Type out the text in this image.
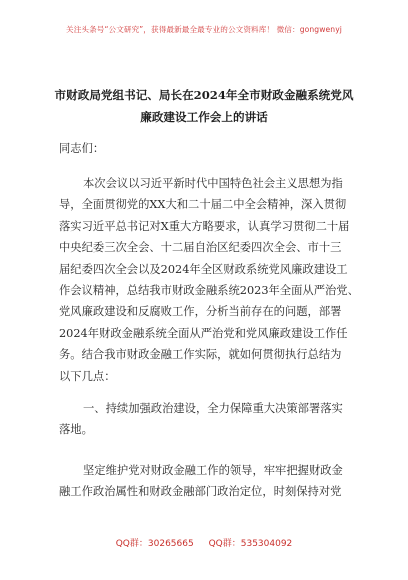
关注头条号“公文研究”，获得最新最全最专业的公文资料库！ 微信：gongwenyj
市财政局党组书记、局长在2024年全市财政金融系统党风
廉政建设工作会上的讲话
同志们：
本次会议以习近平新时代中国特色社会主义思想为指
导，全面贯彻党的XX大和二十届二中全会精神，深入贯彻
落实习近平总书记对X重大方略要求，认真学习贯彻二十届
中央纪委三次全会、十二届自治区纪委四次全会、市十三
届纪委四次全会以及2024年全区财政系统党风廉政建设工
作会议精神，总结我市财政金融系统2023年全面从严治党、
党风廉政建设和反腐败工作，分析当前存在的问题，部署
2024年财政金融系统全面从严治党和党风廉政建设工作任
务。结合我市财政金融工作实际，就如何贯彻执行总结为
以下几点：
一、持续加强政治建设，全力保障重大决策部署落实
落地。
坚定维护党对财政金融工作的领导，牢牢把握财政金
融工作政治属性和财政金融部门政治定位，时刻保持对党
QQ群：30265665 QQ群：535304092
